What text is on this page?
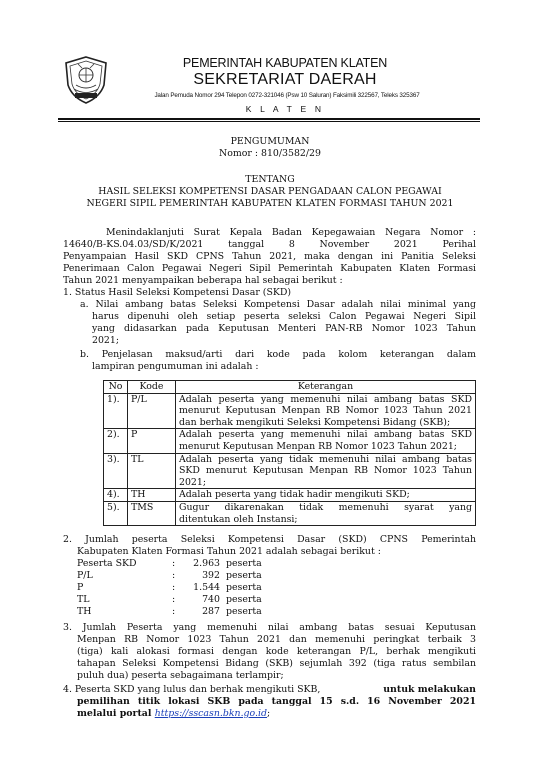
PEMERINTAH KABUPATEN KLATEN
SEKRETARIAT DAERAH
Jalan Pemuda Nomor 294 Telepon 0272-321046 (Psw 10 Saluran) Faksimili 322567, Teleks 325367
K L A T E N
PENGUMUMAN
Nomor : 810/3582/29
TENTANG
HASIL SELEKSI KOMPETENSI DASAR PENGADAAN CALON PEGAWAI
NEGERI SIPIL PEMERINTAH KABUPATEN KLATEN FORMASI TAHUN 2021
Menindaklanjuti Surat Kepala Badan Kepegawaian Negara Nomor :
14640/B-KS.04.03/SD/K/2021 tanggal 8 November 2021 Perihal
Penyampaian Hasil SKD CPNS Tahun 2021, maka dengan ini Panitia Seleksi
Penerimaan Calon Pegawai Negeri Sipil Pemerintah Kabupaten Klaten Formasi
Tahun 2021 menyampaikan beberapa hal sebagai berikut :
1. Status Hasil Seleksi Kompetensi Dasar (SKD)
a. Nilai ambang batas Seleksi Kompetensi Dasar adalah nilai minimal yang
harus dipenuhi oleh setiap peserta seleksi Calon Pegawai Negeri Sipil
yang didasarkan pada Keputusan Menteri PAN-RB Nomor 1023 Tahun
2021;
b. Penjelasan maksud/arti dari kode pada kolom keterangan dalam
lampiran pengumuman ini adalah :
No	Kode	Keterangan
1).	P/L	Adalah peserta yang memenuhi nilai ambang batas SKD
menurut Keputusan Menpan RB Nomor 1023 Tahun 2021
dan berhak mengikuti Seleksi Kompetensi Bidang (SKB);

2).	P	Adalah peserta yang memenuhi nilai ambang batas SKD
menurut Keputusan Menpan RB Nomor 1023 Tahun 2021;

3).	TL	Adalah peserta yang tidak memenuhi nilai ambang batas
SKD menurut Keputusan Menpan RB Nomor 1023 Tahun
2021;

4).	TH	Adalah peserta yang tidak hadir mengikuti SKD;

5).	TMS	Gugur dikarenakan tidak memenuhi syarat yang
ditentukan oleh Instansi;
2. Jumlah peserta Seleksi Kompetensi Dasar (SKD) CPNS Pemerintah
Kabupaten Klaten Formasi Tahun 2021 adalah sebagai berikut :
Peserta SKD	:	2.963 peserta
P/L	:	392 peserta
P	:	1.544 peserta
TL	:	740 peserta
TH	:	287 peserta
3. Jumlah Peserta yang memenuhi nilai ambang batas sesuai Keputusan
Menpan RB Nomor 1023 Tahun 2021 dan memenuhi peringkat terbaik 3
(tiga) kali alokasi formasi dengan kode keterangan P/L, berhak mengikuti
tahapan Seleksi Kompetensi Bidang (SKB) sejumlah 392 (tiga ratus sembilan
puluh dua) peserta sebagaimana terlampir;
4. Peserta SKD yang lulus dan berhak mengikuti SKB,	untuk melakukan
pemilihan titik lokasi SKB pada tanggal 15 s.d. 16 November 2021
melalui portal https://sscasn.bkn.go.id;
